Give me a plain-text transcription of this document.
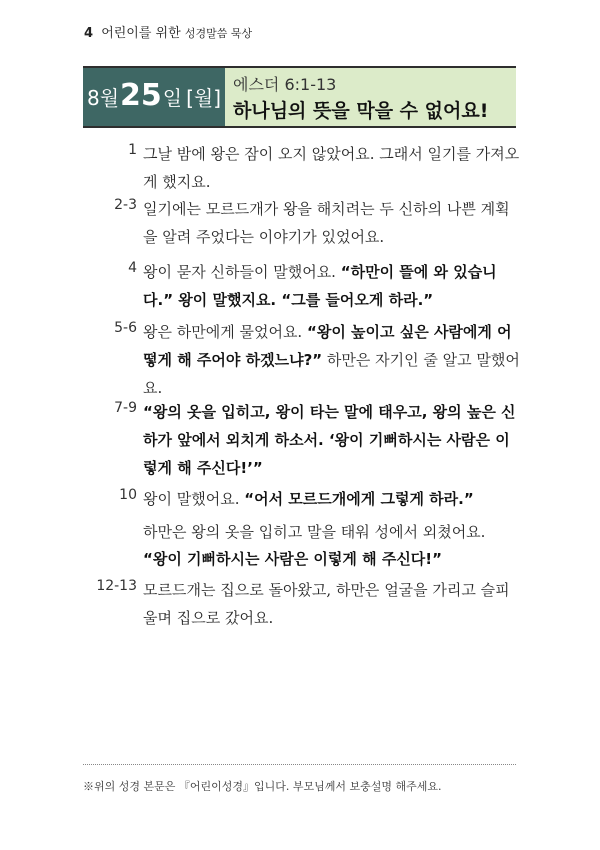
4 어린이를 위한 성경말씀 묵상
8월 25 일 [월]
에스더 6:1-13
하나님의 뜻을 막을 수 없어요!
1 그날 밤에 왕은 잠이 오지 않았어요. 그래서 일기를 가져오게 했지요.
2-3 일기에는 모르드개가 왕을 해치려는 두 신하의 나쁜 계획을 알려 주었다는 이야기가 있었어요.
4 왕이 묻자 신하들이 말했어요. “하만이 뜰에 와 있습니다.” 왕이 말했지요. “그를 들어오게 하라.”
5-6 왕은 하만에게 물었어요. “왕이 높이고 싶은 사람에게 어떻게 해 주어야 하겠느냐?” 하만은 자기인 줄 알고 말했어요.
7-9 “왕의 옷을 입히고, 왕이 타는 말에 태우고, 왕의 높은 신하가 앞에서 외치게 하소서. ‘왕이 기뻐하시는 사람은 이렇게 해 주신다!’”
10 왕이 말했어요. “어서 모르드개에게 그렇게 하라.”
하만은 왕의 옷을 입히고 말을 태워 성에서 외쳤어요.
“왕이 기뻐하시는 사람은 이렇게 해 주신다!”
12-13 모르드개는 집으로 돌아왔고, 하만은 얼굴을 가리고 슬피 울며 집으로 갔어요.
※위의 성경 본문은 『어린이성경』입니다. 부모님께서 보충설명 해주세요.
